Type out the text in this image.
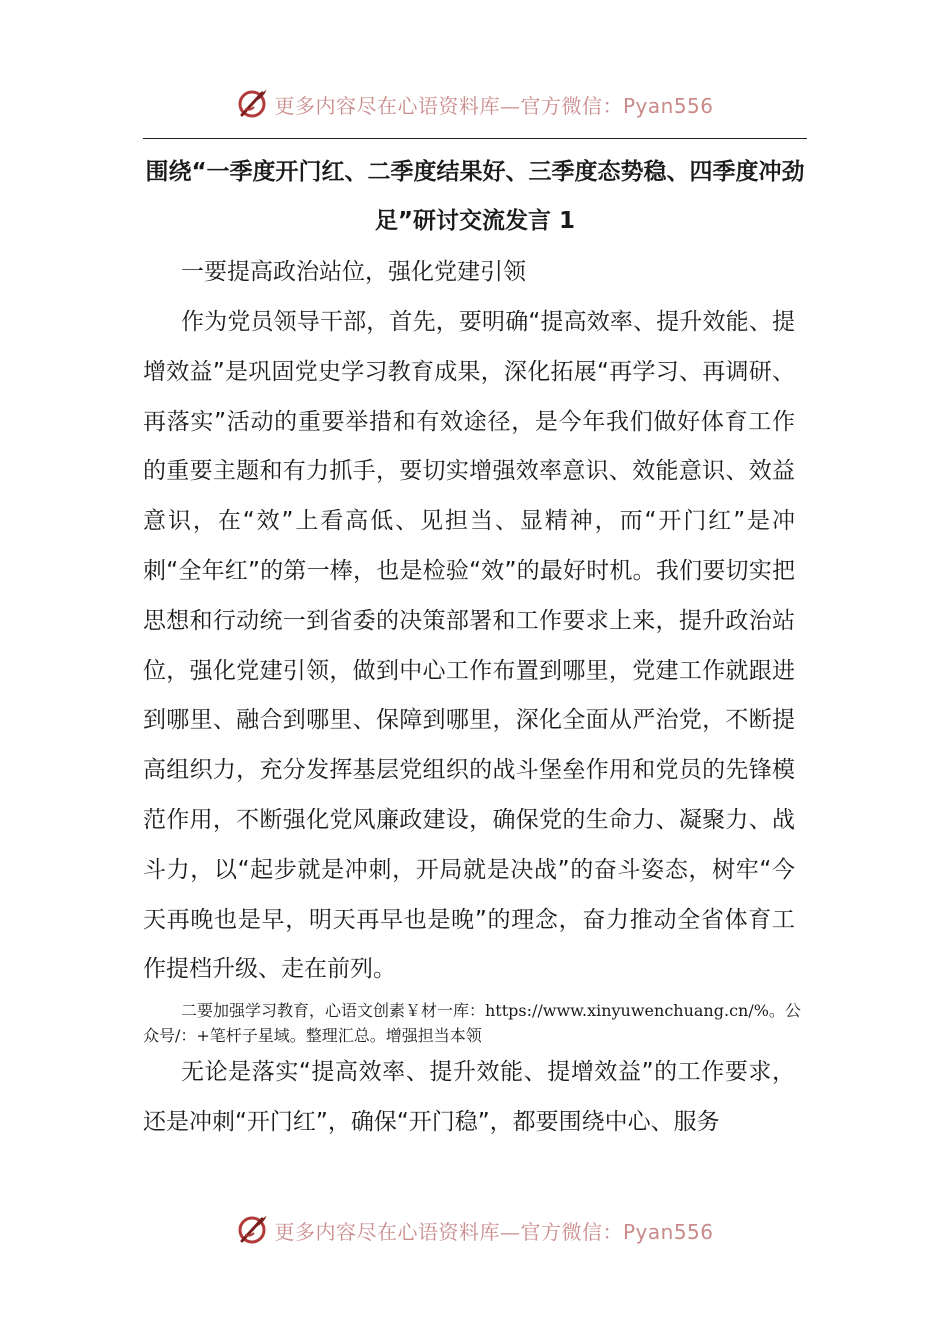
更多内容尽在心语资料库—官方微信：Pyan556
围绕“一季度开门红、二季度结果好、三季度态势稳、四季度冲劲足”研讨交流发言 1

一要提高政治站位，强化党建引领

作为党员领导干部，首先，要明确“提高效率、提升效能、提增效益”是巩固党史学习教育成果，深化拓展“再学习、再调研、再落实”活动的重要举措和有效途径，是今年我们做好体育工作的重要主题和有力抓手，要切实增强效率意识、效能意识、效益意识，在“效”上看高低、见担当、显精神，而“开门红”是冲刺“全年红”的第一棒，也是检验“效”的最好时机。我们要切实把思想和行动统一到省委的决策部署和工作要求上来，提升政治站位，强化党建引领，做到中心工作布置到哪里，党建工作就跟进到哪里、融合到哪里、保障到哪里，深化全面从严治党，不断提高组织力，充分发挥基层党组织的战斗堡垒作用和党员的先锋模范作用，不断强化党风廉政建设，确保党的生命力、凝聚力、战斗力，以“起步就是冲刺，开局就是决战”的奋斗姿态，树牢“今天再晚也是早，明天再早也是晚”的理念，奋力推动全省体育工作提档升级、走在前列。

二要加强学习教育，心语文创素￥材一库：https://www.xinyuwenchuang.cn/%。公众号/：+笔杆子星域。整理汇总。增强担当本领

无论是落实“提高效率、提升效能、提增效益”的工作要求，还是冲刺“开门红”，确保“开门稳”，都要围绕中心、服务

更多内容尽在心语资料库—官方微信：Pyan556
